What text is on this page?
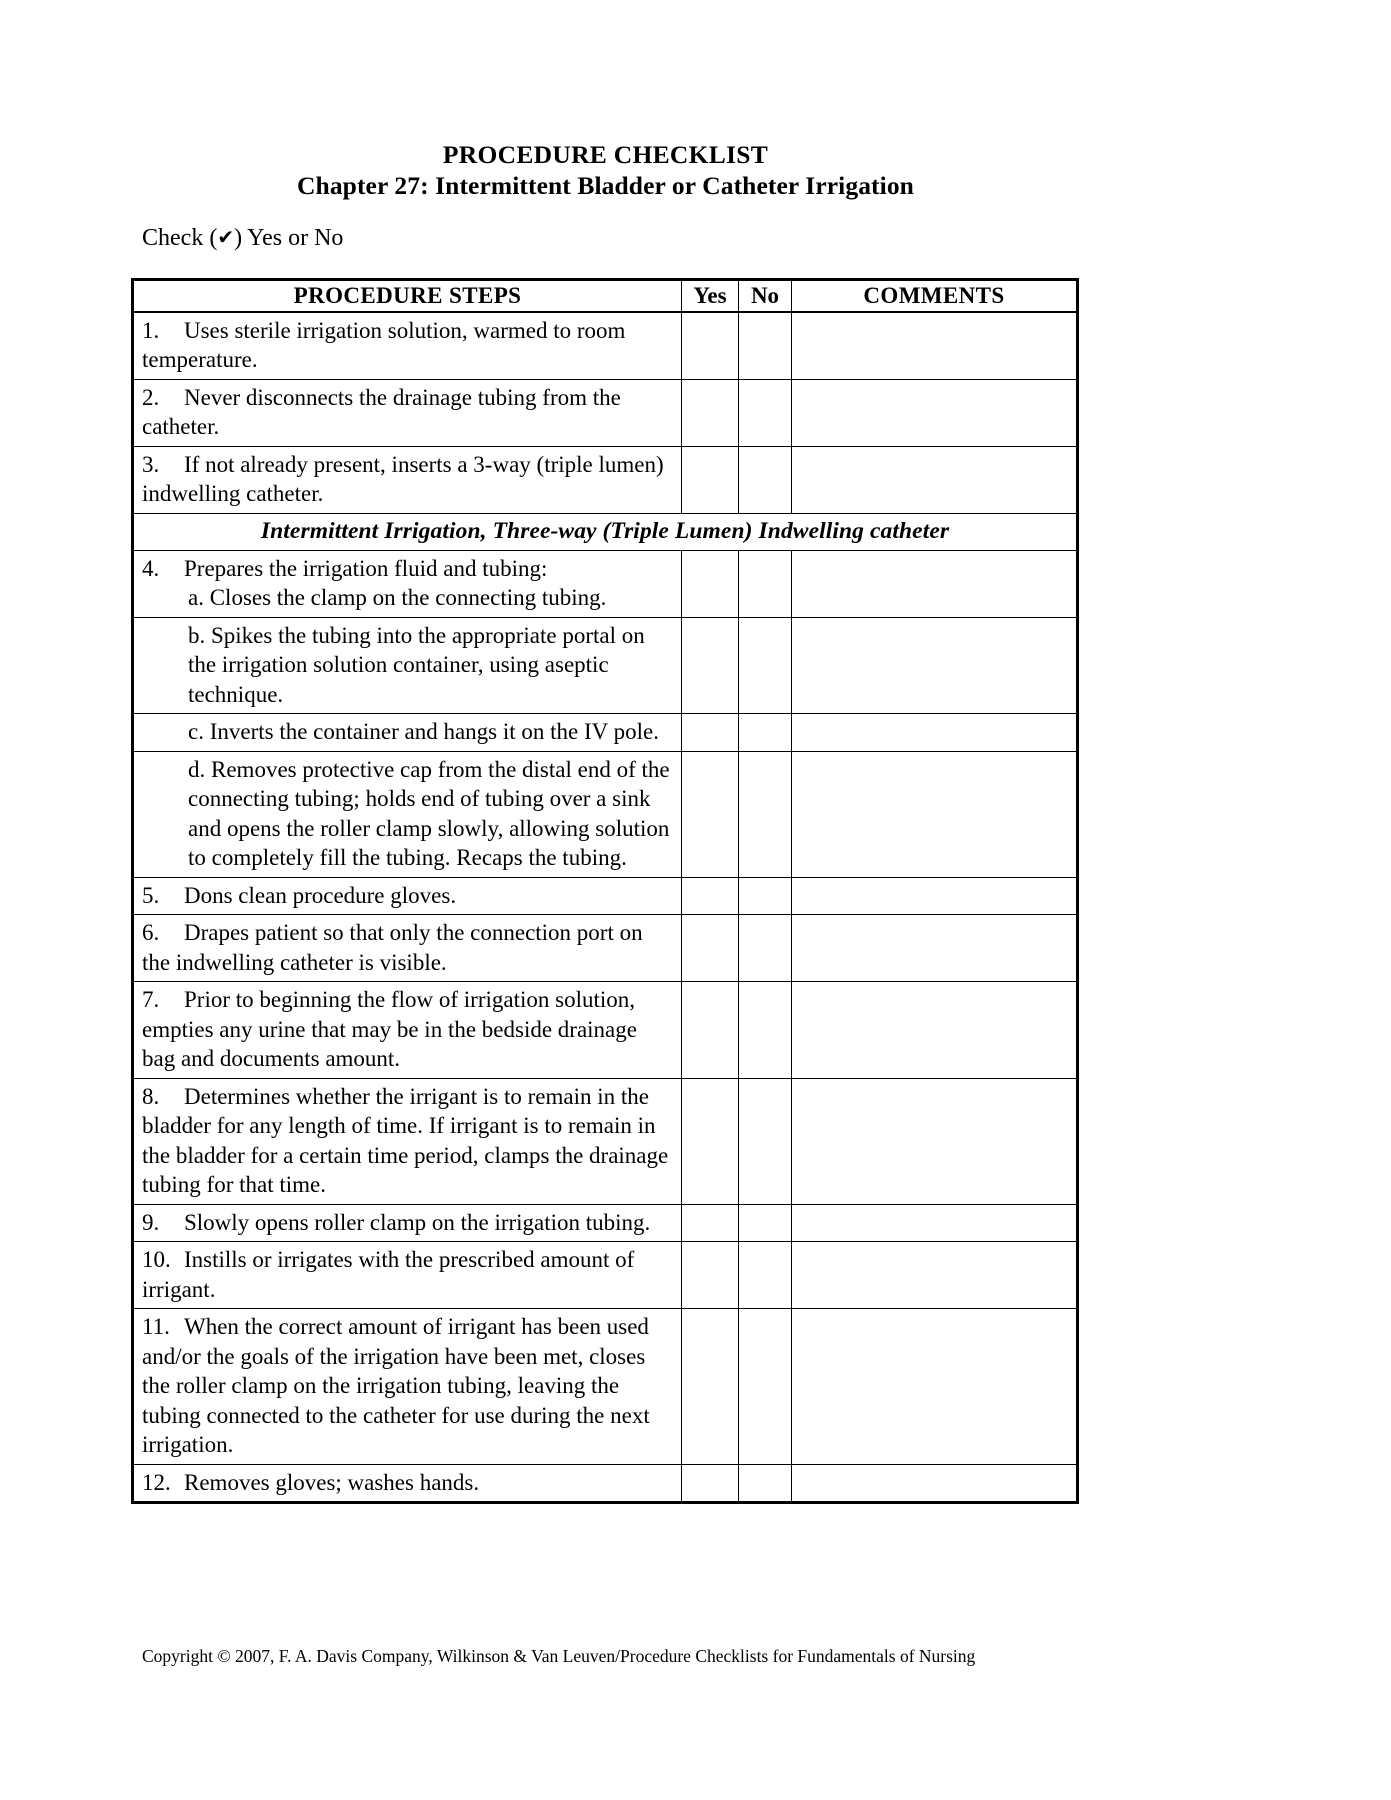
PROCEDURE CHECKLIST
Chapter 27: Intermittent Bladder or Catheter Irrigation
Check (✔) Yes or No
PROCEDURE STEPS	Yes	No	COMMENTS

1. Uses sterile irrigation solution, warmed to room temperature.			

2. Never disconnects the drainage tubing from the catheter.			

3. If not already present, inserts a 3-way (triple lumen) indwelling catheter.			

Intermittent Irrigation, Three-way (Triple Lumen) Indwelling catheter			

4. Prepares the irrigation fluid and tubing:
a. Closes the clamp on the connecting tubing.			

b. Spikes the tubing into the appropriate portal on the irrigation solution container, using aseptic technique.			

c. Inverts the container and hangs it on the IV pole.			

d. Removes protective cap from the distal end of the connecting tubing; holds end of tubing over a sink and opens the roller clamp slowly, allowing solution to completely fill the tubing. Recaps the tubing.			

5. Dons clean procedure gloves.			

6. Drapes patient so that only the connection port on the indwelling catheter is visible.			

7. Prior to beginning the flow of irrigation solution, empties any urine that may be in the bedside drainage bag and documents amount.			

8. Determines whether the irrigant is to remain in the bladder for any length of time. If irrigant is to remain in the bladder for a certain time period, clamps the drainage tubing for that time.			

9. Slowly opens roller clamp on the irrigation tubing.			

10. Instills or irrigates with the prescribed amount of irrigant.			

11. When the correct amount of irrigant has been used and/or the goals of the irrigation have been met, closes the roller clamp on the irrigation tubing, leaving the tubing connected to the catheter for use during the next irrigation.			

12. Removes gloves; washes hands.			

Copyright © 2007, F. A. Davis Company, Wilkinson & Van Leuven/Procedure Checklists for Fundamentals of Nursing
